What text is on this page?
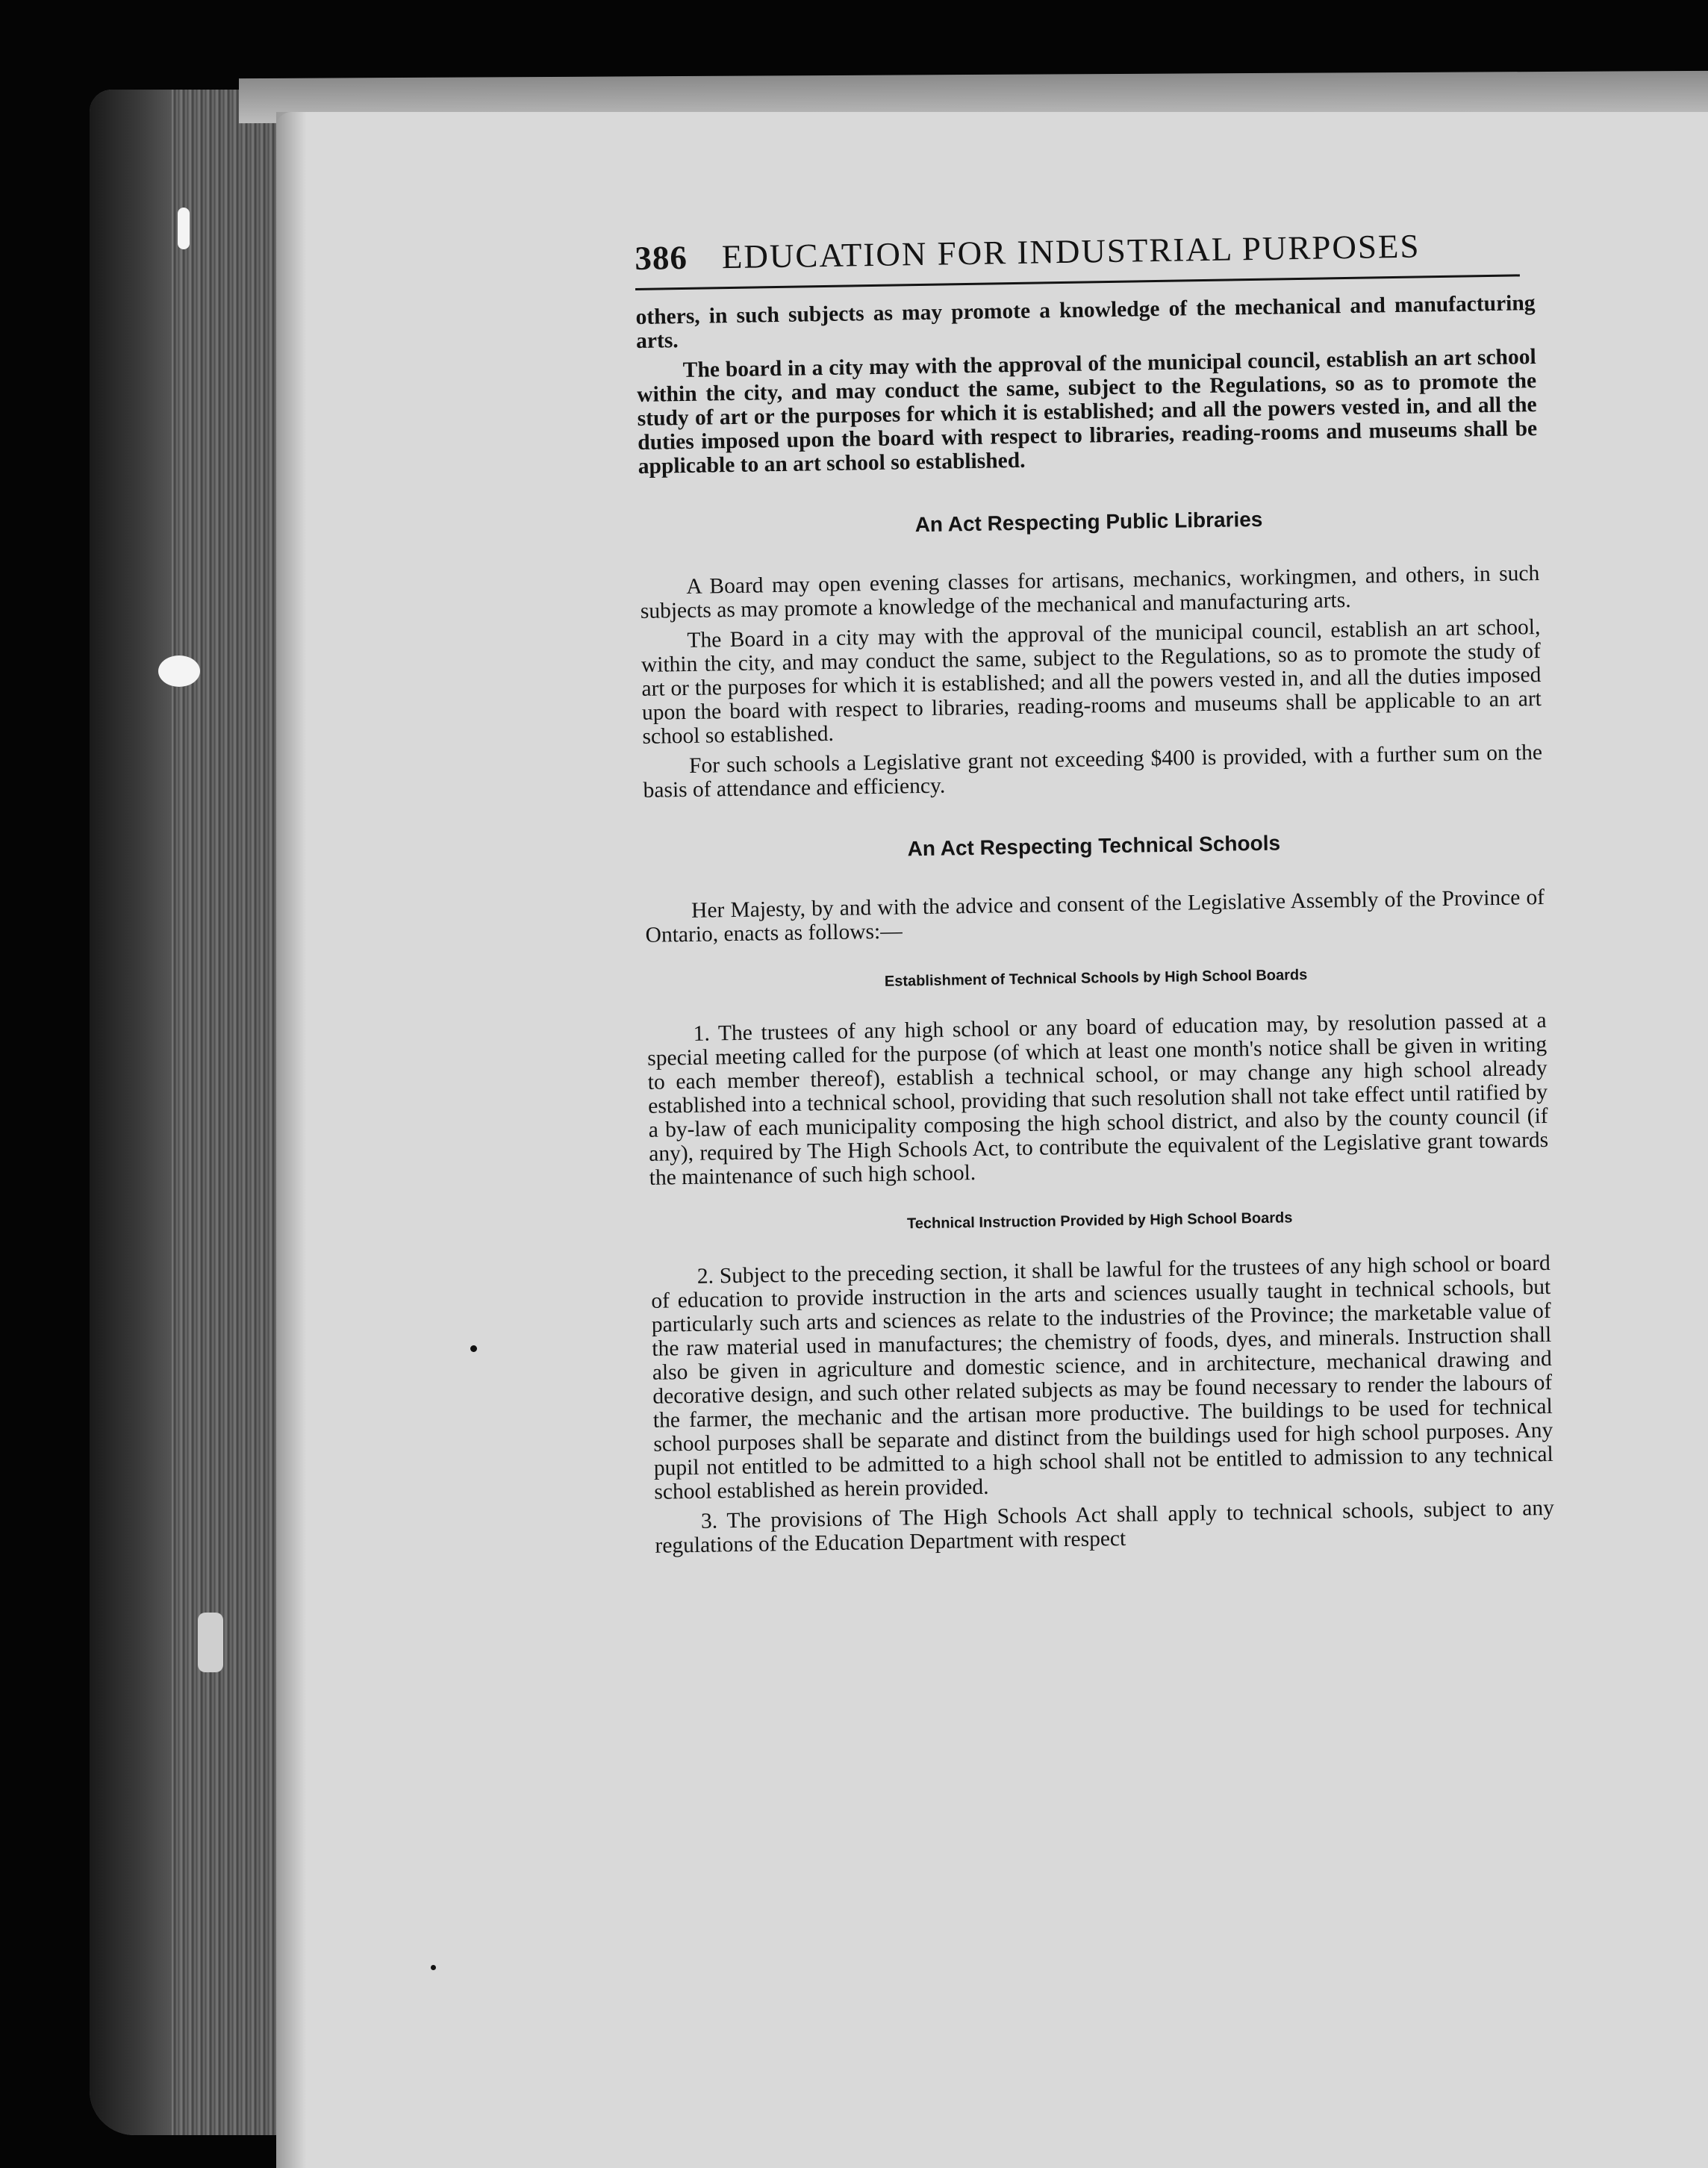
386 EDUCATION FOR INDUSTRIAL PURPOSES

others, in such subjects as may promote a knowledge of the mechanical and manufacturing arts.

The board in a city may with the approval of the municipal council, establish an art school within the city, and may conduct the same, subject to the Regulations, so as to promote the study of art or the purposes for which it is established; and all the powers vested in, and all the duties imposed upon the board with respect to libraries, reading-rooms and museums shall be applicable to an art school so established.

An Act Respecting Public Libraries

A Board may open evening classes for artisans, mechanics, workingmen, and others, in such subjects as may promote a knowledge of the mechanical and manufacturing arts.

The Board in a city may with the approval of the municipal council, establish an art school, within the city, and may conduct the same, subject to the Regulations, so as to promote the study of art or the purposes for which it is established; and all the powers vested in, and all the duties imposed upon the board with respect to libraries, reading-rooms and museums shall be applicable to an art school so established.

For such schools a Legislative grant not exceeding $400 is provided, with a further sum on the basis of attendance and efficiency.

An Act Respecting Technical Schools

Her Majesty, by and with the advice and consent of the Legislative Assembly of the Province of Ontario, enacts as follows:—

Establishment of Technical Schools by High School Boards

1. The trustees of any high school or any board of education may, by resolution passed at a special meeting called for the purpose (of which at least one month's notice shall be given in writing to each member thereof), establish a technical school, or may change any high school already established into a technical school, providing that such resolution shall not take effect until ratified by a by-law of each municipality composing the high school district, and also by the county council (if any), required by The High Schools Act, to contribute the equivalent of the Legislative grant towards the maintenance of such high school.

Technical Instruction Provided by High School Boards

2. Subject to the preceding section, it shall be lawful for the trustees of any high school or board of education to provide instruction in the arts and sciences usually taught in technical schools, but particularly such arts and sciences as relate to the industries of the Province; the marketable value of the raw material used in manufactures; the chemistry of foods, dyes, and minerals. Instruction shall also be given in agriculture and domestic science, and in architecture, mechanical drawing and decorative design, and such other related subjects as may be found necessary to render the labours of the farmer, the mechanic and the artisan more productive. The buildings to be used for technical school purposes shall be separate and distinct from the buildings used for high school purposes. Any pupil not entitled to be admitted to a high school shall not be entitled to admission to any technical school established as herein provided.

3. The provisions of The High Schools Act shall apply to technical schools, subject to any regulations of the Education Department with respect
